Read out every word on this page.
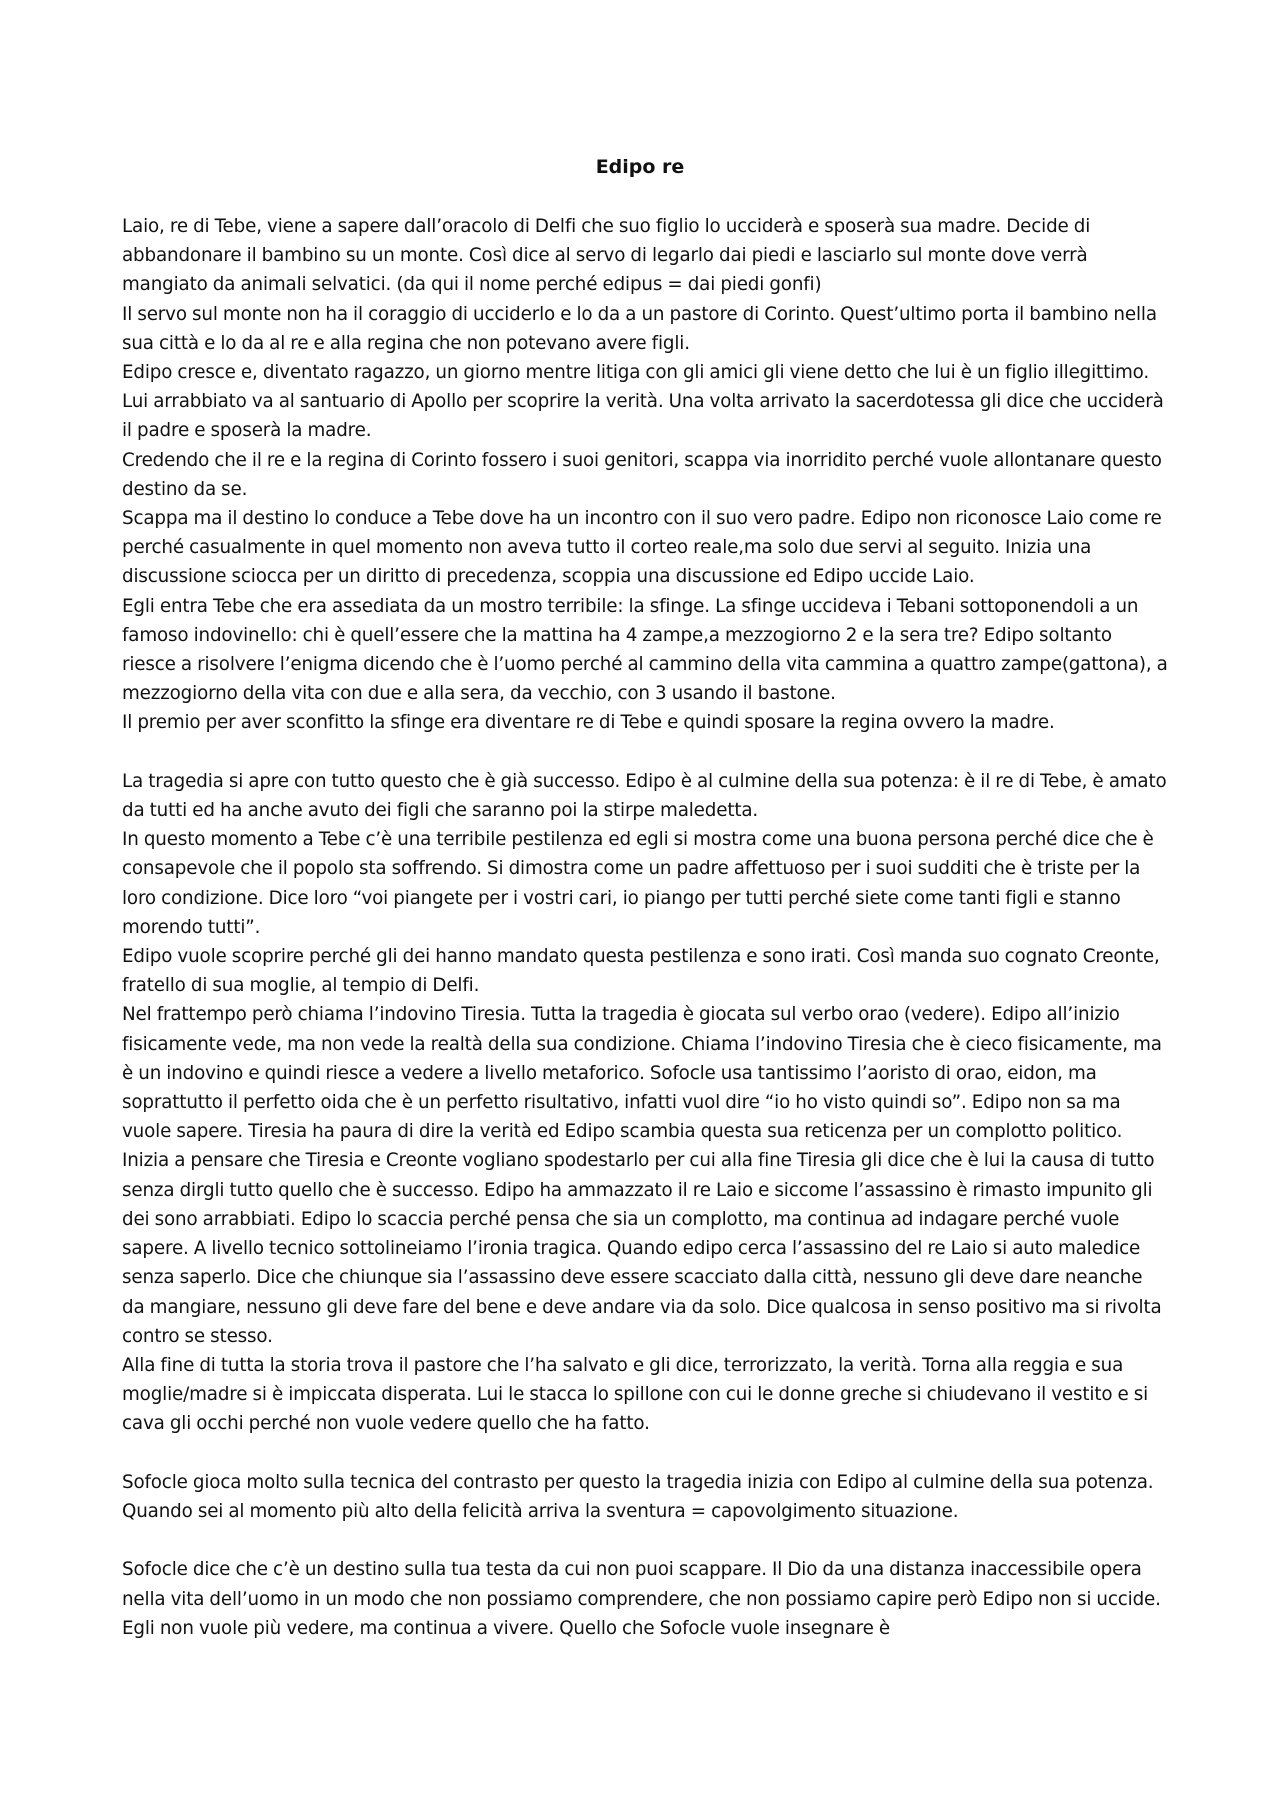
Edipo re

Laio, re di Tebe, viene a sapere dall’oracolo di Delfi che suo figlio lo ucciderà e sposerà sua madre. Decide di abbandonare il bambino su un monte. Così dice al servo di legarlo dai piedi e lasciarlo sul monte dove verrà mangiato da animali selvatici. (da qui il nome perché edipus = dai piedi gonfi)

Il servo sul monte non ha il coraggio di ucciderlo e lo da a un pastore di Corinto. Quest’ultimo porta il bambino nella sua città e lo da al re e alla regina che non potevano avere figli.

Edipo cresce e, diventato ragazzo, un giorno mentre litiga con gli amici gli viene detto che lui è un figlio illegittimo. Lui arrabbiato va al santuario di Apollo per scoprire la verità. Una volta arrivato la sacerdotessa gli dice che ucciderà il padre e sposerà la madre.

Credendo che il re e la regina di Corinto fossero i suoi genitori, scappa via inorridito perché vuole allontanare questo destino da se.

Scappa ma il destino lo conduce a Tebe dove ha un incontro con il suo vero padre. Edipo non riconosce Laio come re perché casualmente in quel momento non aveva tutto il corteo reale,ma solo due servi al seguito. Inizia una discussione sciocca per un diritto di precedenza, scoppia una discussione ed Edipo uccide Laio.

Egli entra Tebe che era assediata da un mostro terribile: la sfinge. La sfinge uccideva i Tebani sottoponendoli a un famoso indovinello: chi è quell’essere che la mattina ha 4 zampe,a mezzogiorno 2 e la sera tre? Edipo soltanto riesce a risolvere l’enigma dicendo che è l’uomo perché al cammino della vita cammina a quattro zampe(gattona), a mezzogiorno della vita con due e alla sera, da vecchio, con 3 usando il bastone.

Il premio per aver sconfitto la sfinge era diventare re di Tebe e quindi sposare la regina ovvero la madre.

La tragedia si apre con tutto questo che è già successo. Edipo è al culmine della sua potenza: è il re di Tebe, è amato da tutti ed ha anche avuto dei figli che saranno poi la stirpe maledetta.

In questo momento a Tebe c’è una terribile pestilenza ed egli si mostra come una buona persona perché dice che è consapevole che il popolo sta soffrendo. Si dimostra come un padre affettuoso per i suoi sudditi che è triste per la loro condizione. Dice loro “voi piangete per i vostri cari, io piango per tutti perché siete come tanti figli e stanno morendo tutti”.

Edipo vuole scoprire perché gli dei hanno mandato questa pestilenza e sono irati. Così manda suo cognato Creonte, fratello di sua moglie, al tempio di Delfi.

Nel frattempo però chiama l’indovino Tiresia. Tutta la tragedia è giocata sul verbo orao (vedere). Edipo all’inizio fisicamente vede, ma non vede la realtà della sua condizione. Chiama l’indovino Tiresia che è cieco fisicamente, ma è un indovino e quindi riesce a vedere a livello metaforico. Sofocle usa tantissimo l’aoristo di orao, eidon, ma soprattutto il perfetto oida che è un perfetto risultativo, infatti vuol dire “io ho visto quindi so”. Edipo non sa ma vuole sapere. Tiresia ha paura di dire la verità ed Edipo scambia questa sua reticenza per un complotto politico. Inizia a pensare che Tiresia e Creonte vogliano spodestarlo per cui alla fine Tiresia gli dice che è lui la causa di tutto senza dirgli tutto quello che è successo. Edipo ha ammazzato il re Laio e siccome l’assassino è rimasto impunito gli dei sono arrabbiati. Edipo lo scaccia perché pensa che sia un complotto, ma continua ad indagare perché vuole sapere. A livello tecnico sottolineiamo l’ironia tragica. Quando edipo cerca l’assassino del re Laio si auto maledice senza saperlo. Dice che chiunque sia l’assassino deve essere scacciato dalla città, nessuno gli deve dare neanche da mangiare, nessuno gli deve fare del bene e deve andare via da solo. Dice qualcosa in senso positivo ma si rivolta contro se stesso.

Alla fine di tutta la storia trova il pastore che l’ha salvato e gli dice, terrorizzato, la verità. Torna alla reggia e sua moglie/madre si è impiccata disperata. Lui le stacca lo spillone con cui le donne greche si chiudevano il vestito e si cava gli occhi perché non vuole vedere quello che ha fatto.

Sofocle gioca molto sulla tecnica del contrasto per questo la tragedia inizia con Edipo al culmine della sua potenza. Quando sei al momento più alto della felicità arriva la sventura = capovolgimento situazione.

Sofocle dice che c’è un destino sulla tua testa da cui non puoi scappare. Il Dio da una distanza inaccessibile opera nella vita dell’uomo in un modo che non possiamo comprendere, che non possiamo capire però Edipo non si uccide. Egli non vuole più vedere, ma continua a vivere. Quello che Sofocle vuole insegnare è
